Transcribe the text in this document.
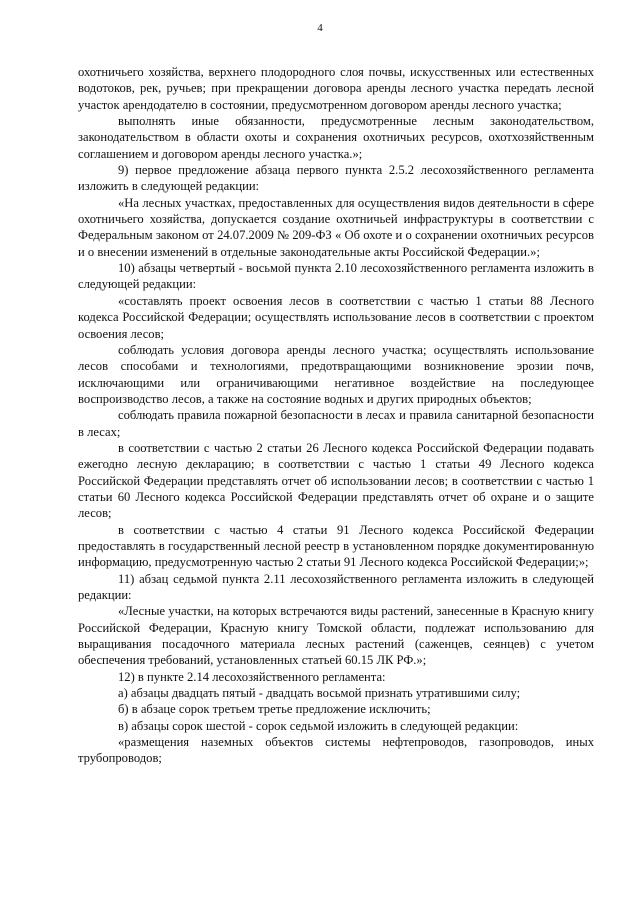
4

охотничьего хозяйства, верхнего плодородного слоя почвы, искусственных или естественных водотоков, рек, ручьев; при прекращении договора аренды лесного участка передать лесной участок арендодателю в состоянии, предусмотренном договором аренды лесного участка;

выполнять иные обязанности, предусмотренные лесным законодательством, законодательством в области охоты и сохранения охотничьих ресурсов, охотхозяйственным соглашением и договором аренды лесного участка.»;

9) первое предложение абзаца первого пункта 2.5.2 лесохозяйственного регламента изложить в следующей редакции:

«На лесных участках, предоставленных для осуществления видов деятельности в сфере охотничьего хозяйства, допускается создание охотничьей инфраструктуры в соответствии с Федеральным законом от 24.07.2009 № 209-ФЗ « Об охоте и о сохранении охотничьих ресурсов и о внесении изменений в отдельные законодательные акты Российской Федерации.»;

10) абзацы четвертый - восьмой пункта 2.10 лесохозяйственного регламента изложить в следующей редакции:

«составлять проект освоения лесов в соответствии с частью 1 статьи 88 Лесного кодекса Российской Федерации; осуществлять использование лесов в соответствии с проектом освоения лесов;

соблюдать условия договора аренды лесного участка; осуществлять использование лесов способами и технологиями, предотвращающими возникновение эрозии почв, исключающими или ограничивающими негативное воздействие на последующее воспроизводство лесов, а также на состояние водных и других природных объектов;

соблюдать правила пожарной безопасности в лесах и правила санитарной безопасности в лесах;

в соответствии с частью 2 статьи 26 Лесного кодекса Российской Федерации подавать ежегодно лесную декларацию; в соответствии с частью 1 статьи 49 Лесного кодекса Российской Федерации представлять отчет об использовании лесов; в соответствии с частью 1 статьи 60 Лесного кодекса Российской Федерации представлять отчет об охране и о защите лесов;

в соответствии с частью 4 статьи 91 Лесного кодекса Российской Федерации предоставлять в государственный лесной реестр в установленном порядке документированную информацию, предусмотренную частью 2 статьи 91 Лесного кодекса Российской Федерации;»;

11) абзац седьмой пункта 2.11 лесохозяйственного регламента изложить в следующей редакции:

«Лесные участки, на которых встречаются виды растений, занесенные в Красную книгу Российской Федерации, Красную книгу Томской области, подлежат использованию для выращивания посадочного материала лесных растений (саженцев, сеянцев) с учетом обеспечения требований, установленных статьей 60.15 ЛК РФ.»;

12) в пункте 2.14 лесохозяйственного регламента:

а) абзацы двадцать пятый - двадцать восьмой признать утратившими силу;

б) в абзаце сорок третьем третье предложение исключить;

в) абзацы сорок шестой - сорок седьмой изложить в следующей редакции:

«размещения наземных объектов системы нефтепроводов, газопроводов, иных трубопроводов;
